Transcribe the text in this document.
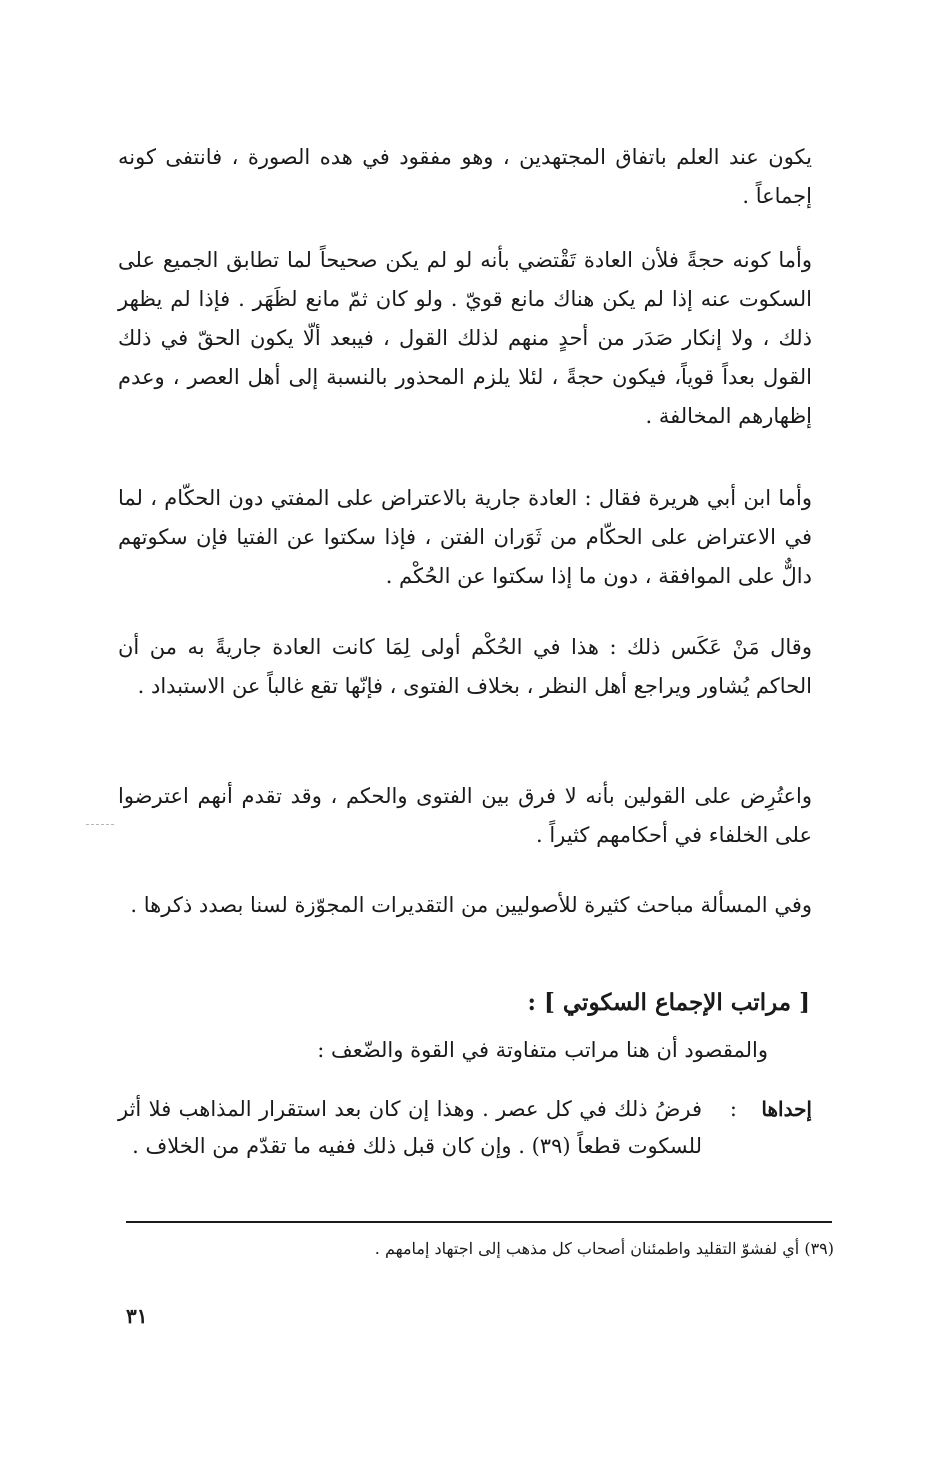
يكون عند العلم باتفاق المجتهدين ، وهو مفقود في هده الصورة ، فانتفى كونه إجماعاً .
وأما كونه حجةً فلأن العادة تَقْتضي بأنه لو لم يكن صحيحاً لما تطابق الجميع على السكوت عنه إذا لم يكن هناك مانع قويّ . ولو كان ثمّ مانع لظَهَر . فإذا لم يظهر ذلك ، ولا إنكار صَدَر من أحدٍ منهم لذلك القول ، فيبعد ألّا يكون الحقّ في ذلك القول بعداً قوياً، فيكون حجةً ، لئلا يلزم المحذور بالنسبة إلى أهل العصر ، وعدم إظهارهم المخالفة .
وأما ابن أبي هريرة فقال : العادة جارية بالاعتراض على المفتي دون الحكّام ، لما في الاعتراض على الحكّام من ثَوَران الفتن ، فإذا سكتوا عن الفتيا فإن سكوتهم دالٌّ على الموافقة ، دون ما إذا سكتوا عن الحُكْم .
وقال مَنْ عَكَس ذلك : هذا في الحُكْم أولى لِمَا كانت العادة جاريةً به من أن الحاكم يُشاور ويراجع أهل النظر ، بخلاف الفتوى ، فإنّها تقع غالباً عن الاستبداد .
واعتُرِض على القولين بأنه لا فرق بين الفتوى والحكم ، وقد تقدم أنهم اعترضوا على الخلفاء في أحكامهم كثيراً .
وفي المسألة مباحث كثيرة للأصوليين من التقديرات المجوّزة لسنا بصدد ذكرها .
[ مراتب الإجماع السكوتي ] :
والمقصود أن هنا مراتب متفاوتة في القوة والضّعف :
إحداها
:
فرضُ ذلك في كل عصر . وهذا إن كان بعد استقرار المذاهب فلا أثر للسكوت قطعاً (٣٩) . وإن كان قبل ذلك ففيه ما تقدّم من الخلاف .
(٣٩) أي لفشوّ التقليد واطمئنان أصحاب كل مذهب إلى اجتهاد إمامهم .
٣١
